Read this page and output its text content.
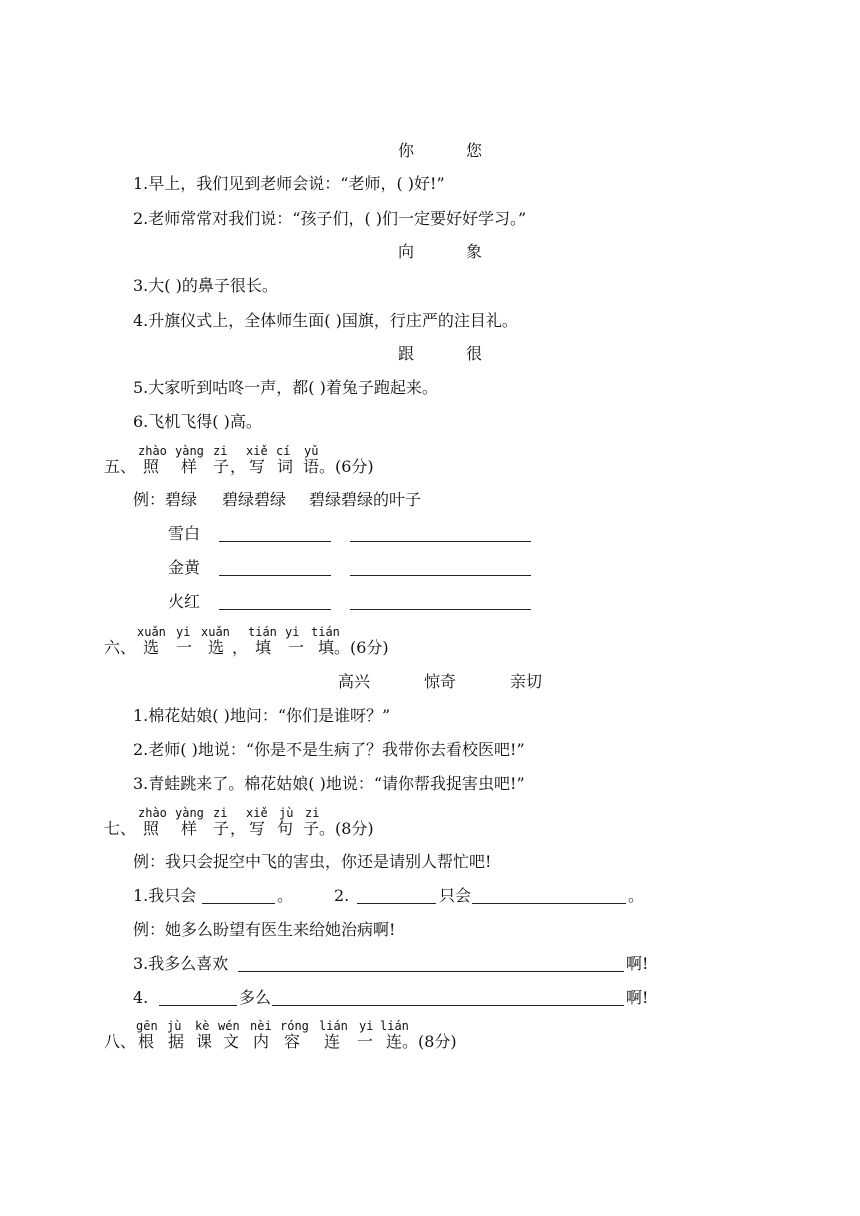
你	您
1.早上，我们见到老师会说：“老师，( )好!”
2.老师常常对我们说：“孩子们，( )们一定要好好学习。”
向	象
3.大( )的鼻子很长。
4.升旗仪式上，全体师生面( )国旗，行庄严的注目礼。
跟	很
5.大家听到咕咚一声，都( )着兔子跑起来。
6.飞机飞得( )高。
zhào yàng zi xiě cí yǔ
五、 照 样 子 ， 写 词 语 。(6分)
例：碧绿 碧绿碧绿 碧绿碧绿的叶子
雪白
金黄
火红
xuǎn yi xuǎn tián yi tián
六、 选 一 选 ， 填 一 填 。(6分)
高兴	惊奇	亲切
1.棉花姑娘( )地问：“你们是谁呀？”
2.老师( )地说：“你是不是生病了？我带你去看校医吧!”
3.青蛙跳来了。棉花姑娘( )地说：“请你帮我捉害虫吧!”
zhào yàng zi xiě jù zi
七、 照 样 子 ， 写 句 子 。(8分)
例：我只会捉空中飞的害虫，你还是请别人帮忙吧!
1.我只会	。	2.	只会	。
例：她多么盼望有医生来给她治病啊!
3.我多么喜欢	啊!
4.	多么	啊!
gēn jù kè wén nèi róng lián yi lián
八、 根 据 课 文 内 容 连 一 连 。(8分)
